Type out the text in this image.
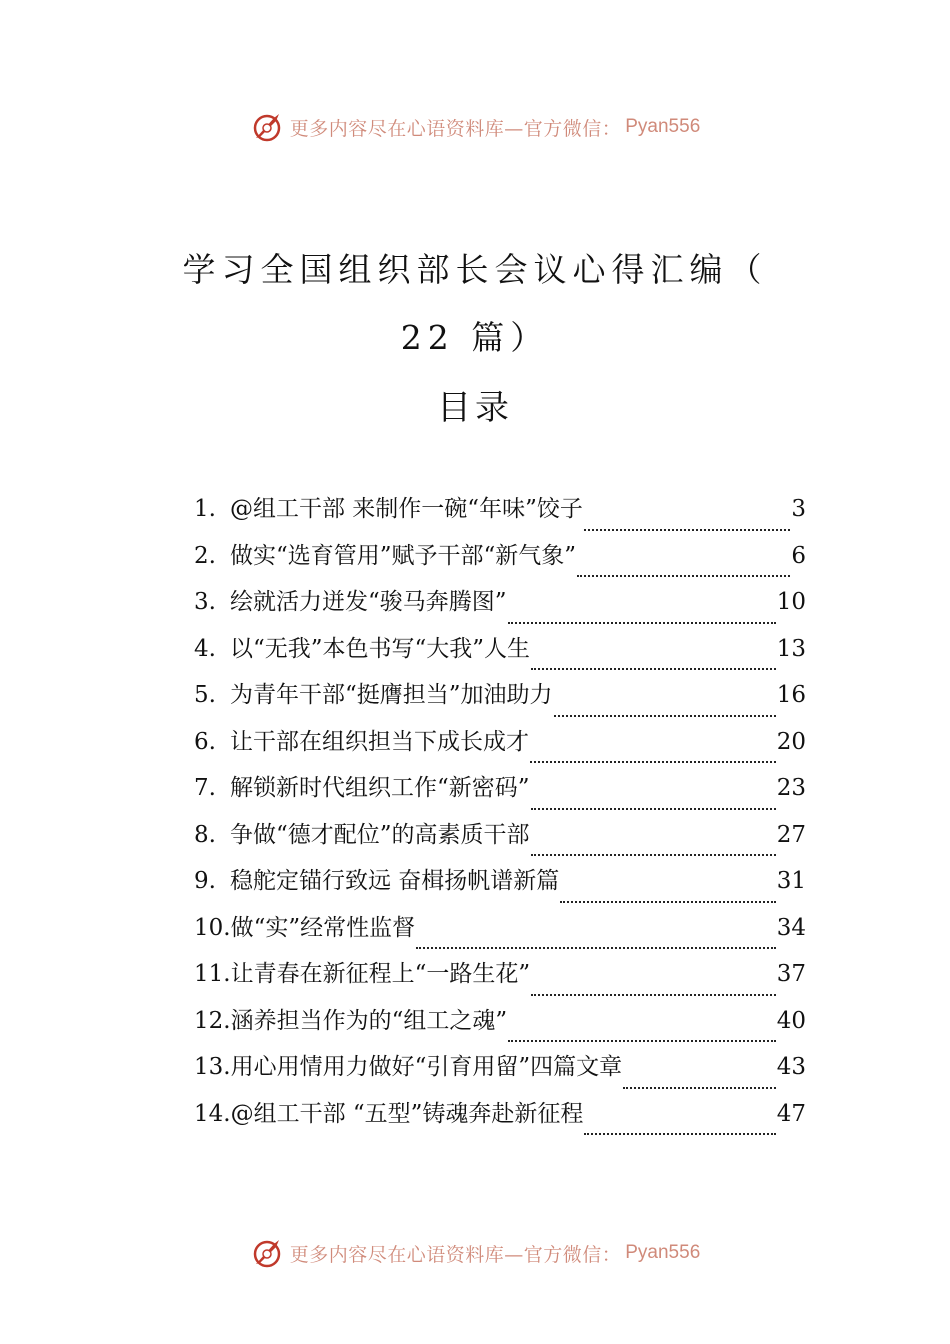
更多内容尽在心语资料库—官方微信： Pyan556
学习全国组织部长会议心得汇编（
22 篇）
目录
1. @组工干部 来制作一碗“年味”饺子	3
2. 做实“选育管用”赋予干部“新气象”	6
3. 绘就活力迸发“骏马奔腾图”	10
4. 以“无我”本色书写“大我”人生	13
5. 为青年干部“挺膺担当”加油助力	16
6. 让干部在组织担当下成长成才	20
7. 解锁新时代组织工作“新密码”	23
8. 争做“德才配位”的高素质干部	27
9. 稳舵定锚行致远 奋楫扬帆谱新篇	31
10. 做“实”经常性监督	34
11. 让青春在新征程上“一路生花”	37
12. 涵养担当作为的“组工之魂”	40
13. 用心用情用力做好“引育用留”四篇文章	43
14. @组工干部 “五型”铸魂奔赴新征程	47
更多内容尽在心语资料库—官方微信： Pyan556
